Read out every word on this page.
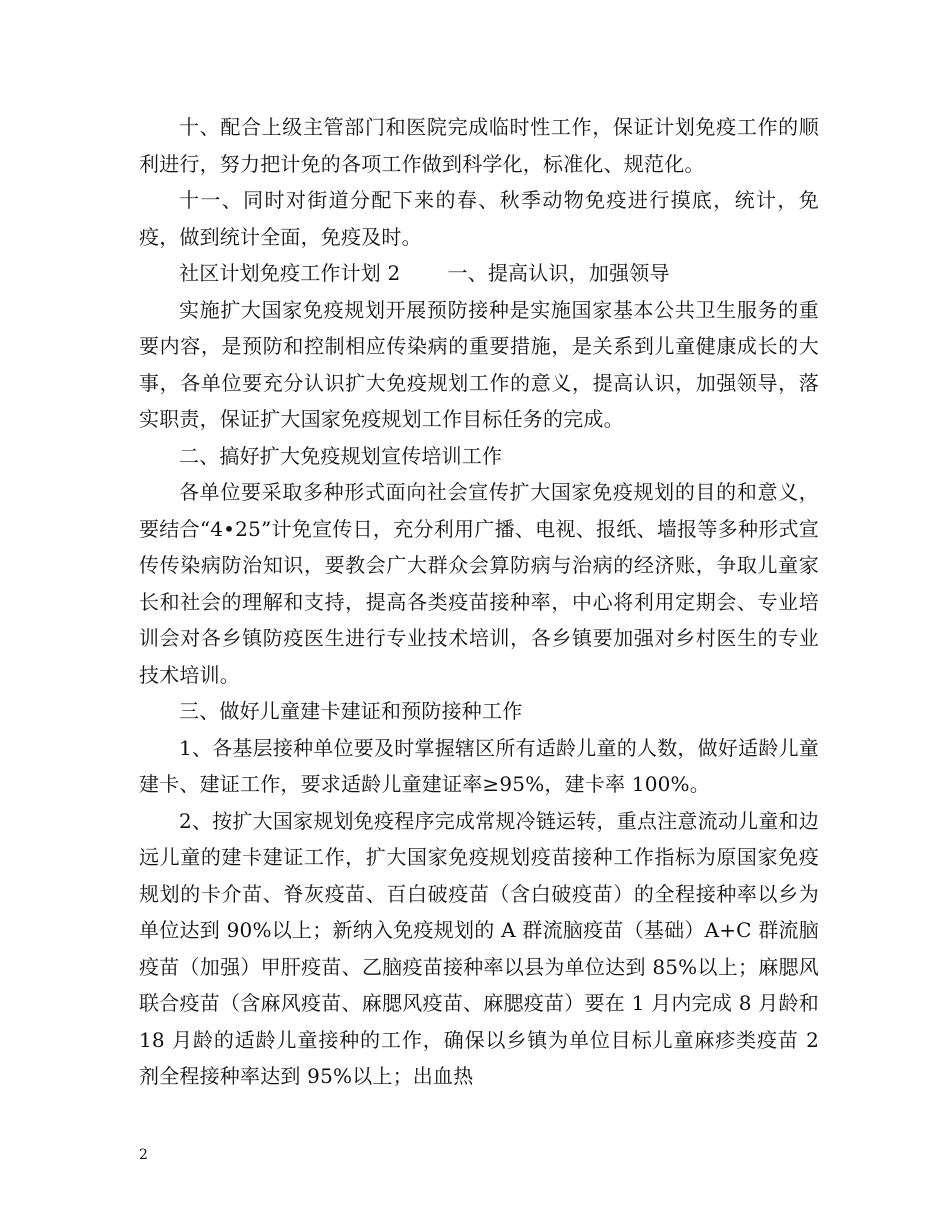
十、配合上级主管部门和医院完成临时性工作，保证计划免疫工作的顺利进行，努力把计免的各项工作做到科学化，标准化、规范化。

十一、同时对街道分配下来的春、秋季动物免疫进行摸底，统计，免疫，做到统计全面，免疫及时。

社区计划免疫工作计划 2 　　一、提高认识，加强领导

实施扩大国家免疫规划开展预防接种是实施国家基本公共卫生服务的重要内容，是预防和控制相应传染病的重要措施，是关系到儿童健康成长的大事，各单位要充分认识扩大免疫规划工作的意义，提高认识，加强领导，落实职责，保证扩大国家免疫规划工作目标任务的完成。

二、搞好扩大免疫规划宣传培训工作

各单位要采取多种形式面向社会宣传扩大国家免疫规划的目的和意义，要结合“4•25”计免宣传日，充分利用广播、电视、报纸、墙报等多种形式宣传传染病防治知识，要教会广大群众会算防病与治病的经济账，争取儿童家长和社会的理解和支持，提高各类疫苗接种率，中心将利用定期会、专业培训会对各乡镇防疫医生进行专业技术培训，各乡镇要加强对乡村医生的专业技术培训。

三、做好儿童建卡建证和预防接种工作

1、各基层接种单位要及时掌握辖区所有适龄儿童的人数，做好适龄儿童建卡、建证工作，要求适龄儿童建证率≥95%，建卡率 100%。

2、按扩大国家规划免疫程序完成常规冷链运转，重点注意流动儿童和边远儿童的建卡建证工作，扩大国家免疫规划疫苗接种工作指标为原国家免疫规划的卡介苗、脊灰疫苗、百白破疫苗（含白破疫苗）的全程接种率以乡为单位达到 90%以上；新纳入免疫规划的 A 群流脑疫苗（基础）A+C 群流脑疫苗（加强）甲肝疫苗、乙脑疫苗接种率以县为单位达到 85%以上；麻腮风联合疫苗（含麻风疫苗、麻腮风疫苗、麻腮疫苗）要在 1 月内完成 8 月龄和 18 月龄的适龄儿童接种的工作，确保以乡镇为单位目标儿童麻疹类疫苗 2 剂全程接种率达到 95%以上；出血热

2
